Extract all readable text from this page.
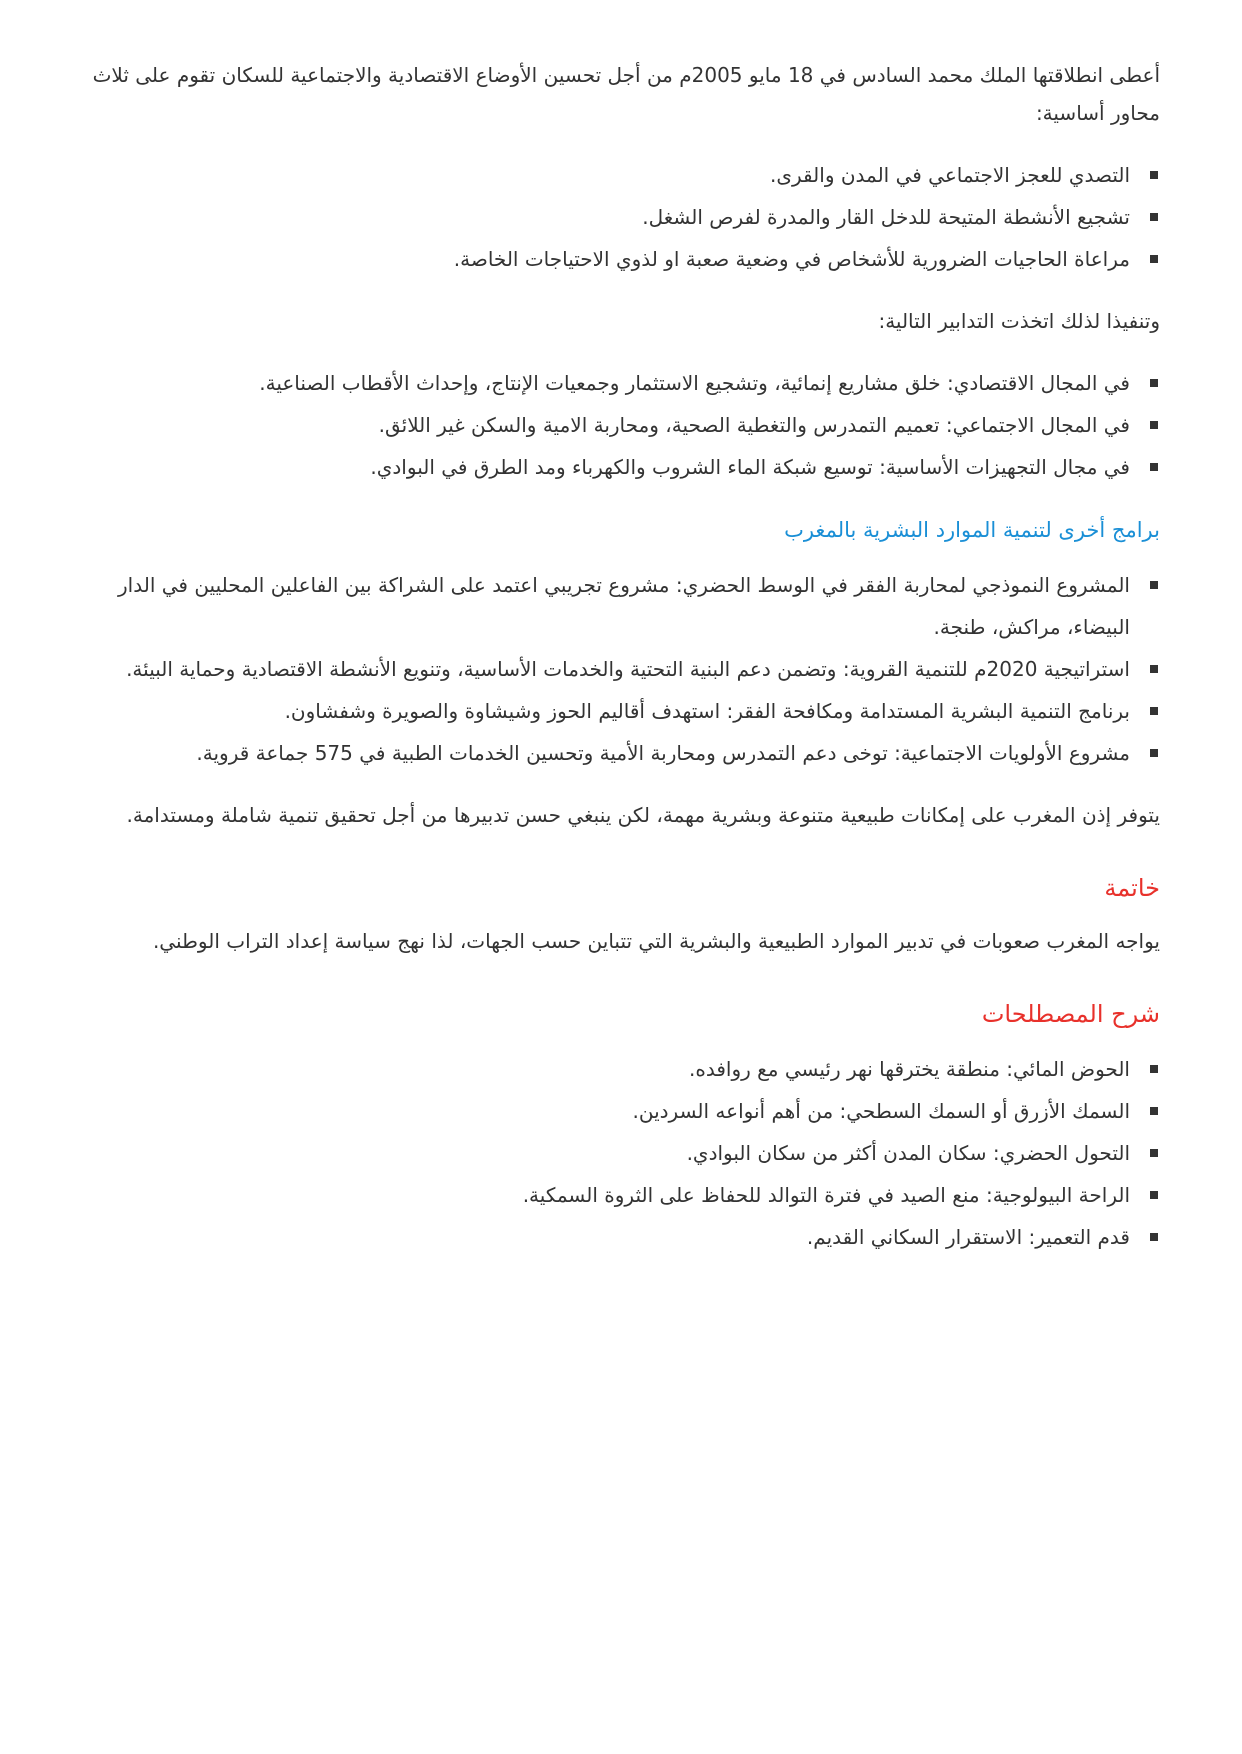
أعطى انطلاقتها الملك محمد السادس في 18 مايو 2005م من أجل تحسين الأوضاع الاقتصادية والاجتماعية للسكان تقوم على ثلاث محاور أساسية:

التصدي للعجز الاجتماعي في المدن والقرى.
تشجيع الأنشطة المتيحة للدخل القار والمدرة لفرص الشغل.
مراعاة الحاجيات الضرورية للأشخاص في وضعية صعبة او لذوي الاحتياجات الخاصة.

وتنفيذا لذلك اتخذت التدابير التالية:

في المجال الاقتصادي: خلق مشاريع إنمائية، وتشجيع الاستثمار وجمعيات الإنتاج، وإحداث الأقطاب الصناعية.
في المجال الاجتماعي: تعميم التمدرس والتغطية الصحية، ومحاربة الامية والسكن غير اللائق.
في مجال التجهيزات الأساسية: توسيع شبكة الماء الشروب والكهرباء ومد الطرق في البوادي.
برامج أخرى لتنمية الموارد البشرية بالمغرب
المشروع النموذجي لمحاربة الفقر في الوسط الحضري: مشروع تجريبي اعتمد على الشراكة بين الفاعلين المحليين في الدار البيضاء، مراكش، طنجة.
استراتيجية 2020م للتنمية القروية: وتضمن دعم البنية التحتية والخدمات الأساسية، وتنويع الأنشطة الاقتصادية وحماية البيئة.
برنامج التنمية البشرية المستدامة ومكافحة الفقر: استهدف أقاليم الحوز وشيشاوة والصويرة وشفشاون.
مشروع الأولويات الاجتماعية: توخى دعم التمدرس ومحاربة الأمية وتحسين الخدمات الطبية في 575 جماعة قروية.

يتوفر إذن المغرب على إمكانات طبيعية متنوعة وبشرية مهمة، لكن ينبغي حسن تدبيرها من أجل تحقيق تنمية شاملة ومستدامة.

خاتمة

يواجه المغرب صعوبات في تدبير الموارد الطبيعية والبشرية التي تتباين حسب الجهات، لذا نهج سياسة إعداد التراب الوطني.

شرح المصطلحات
الحوض المائي: منطقة يخترقها نهر رئيسي مع روافده.
السمك الأزرق أو السمك السطحي: من أهم أنواعه السردين.
التحول الحضري: سكان المدن أكثر من سكان البوادي.
الراحة البيولوجية: منع الصيد في فترة التوالد للحفاظ على الثروة السمكية.
قدم التعمير: الاستقرار السكاني القديم.
